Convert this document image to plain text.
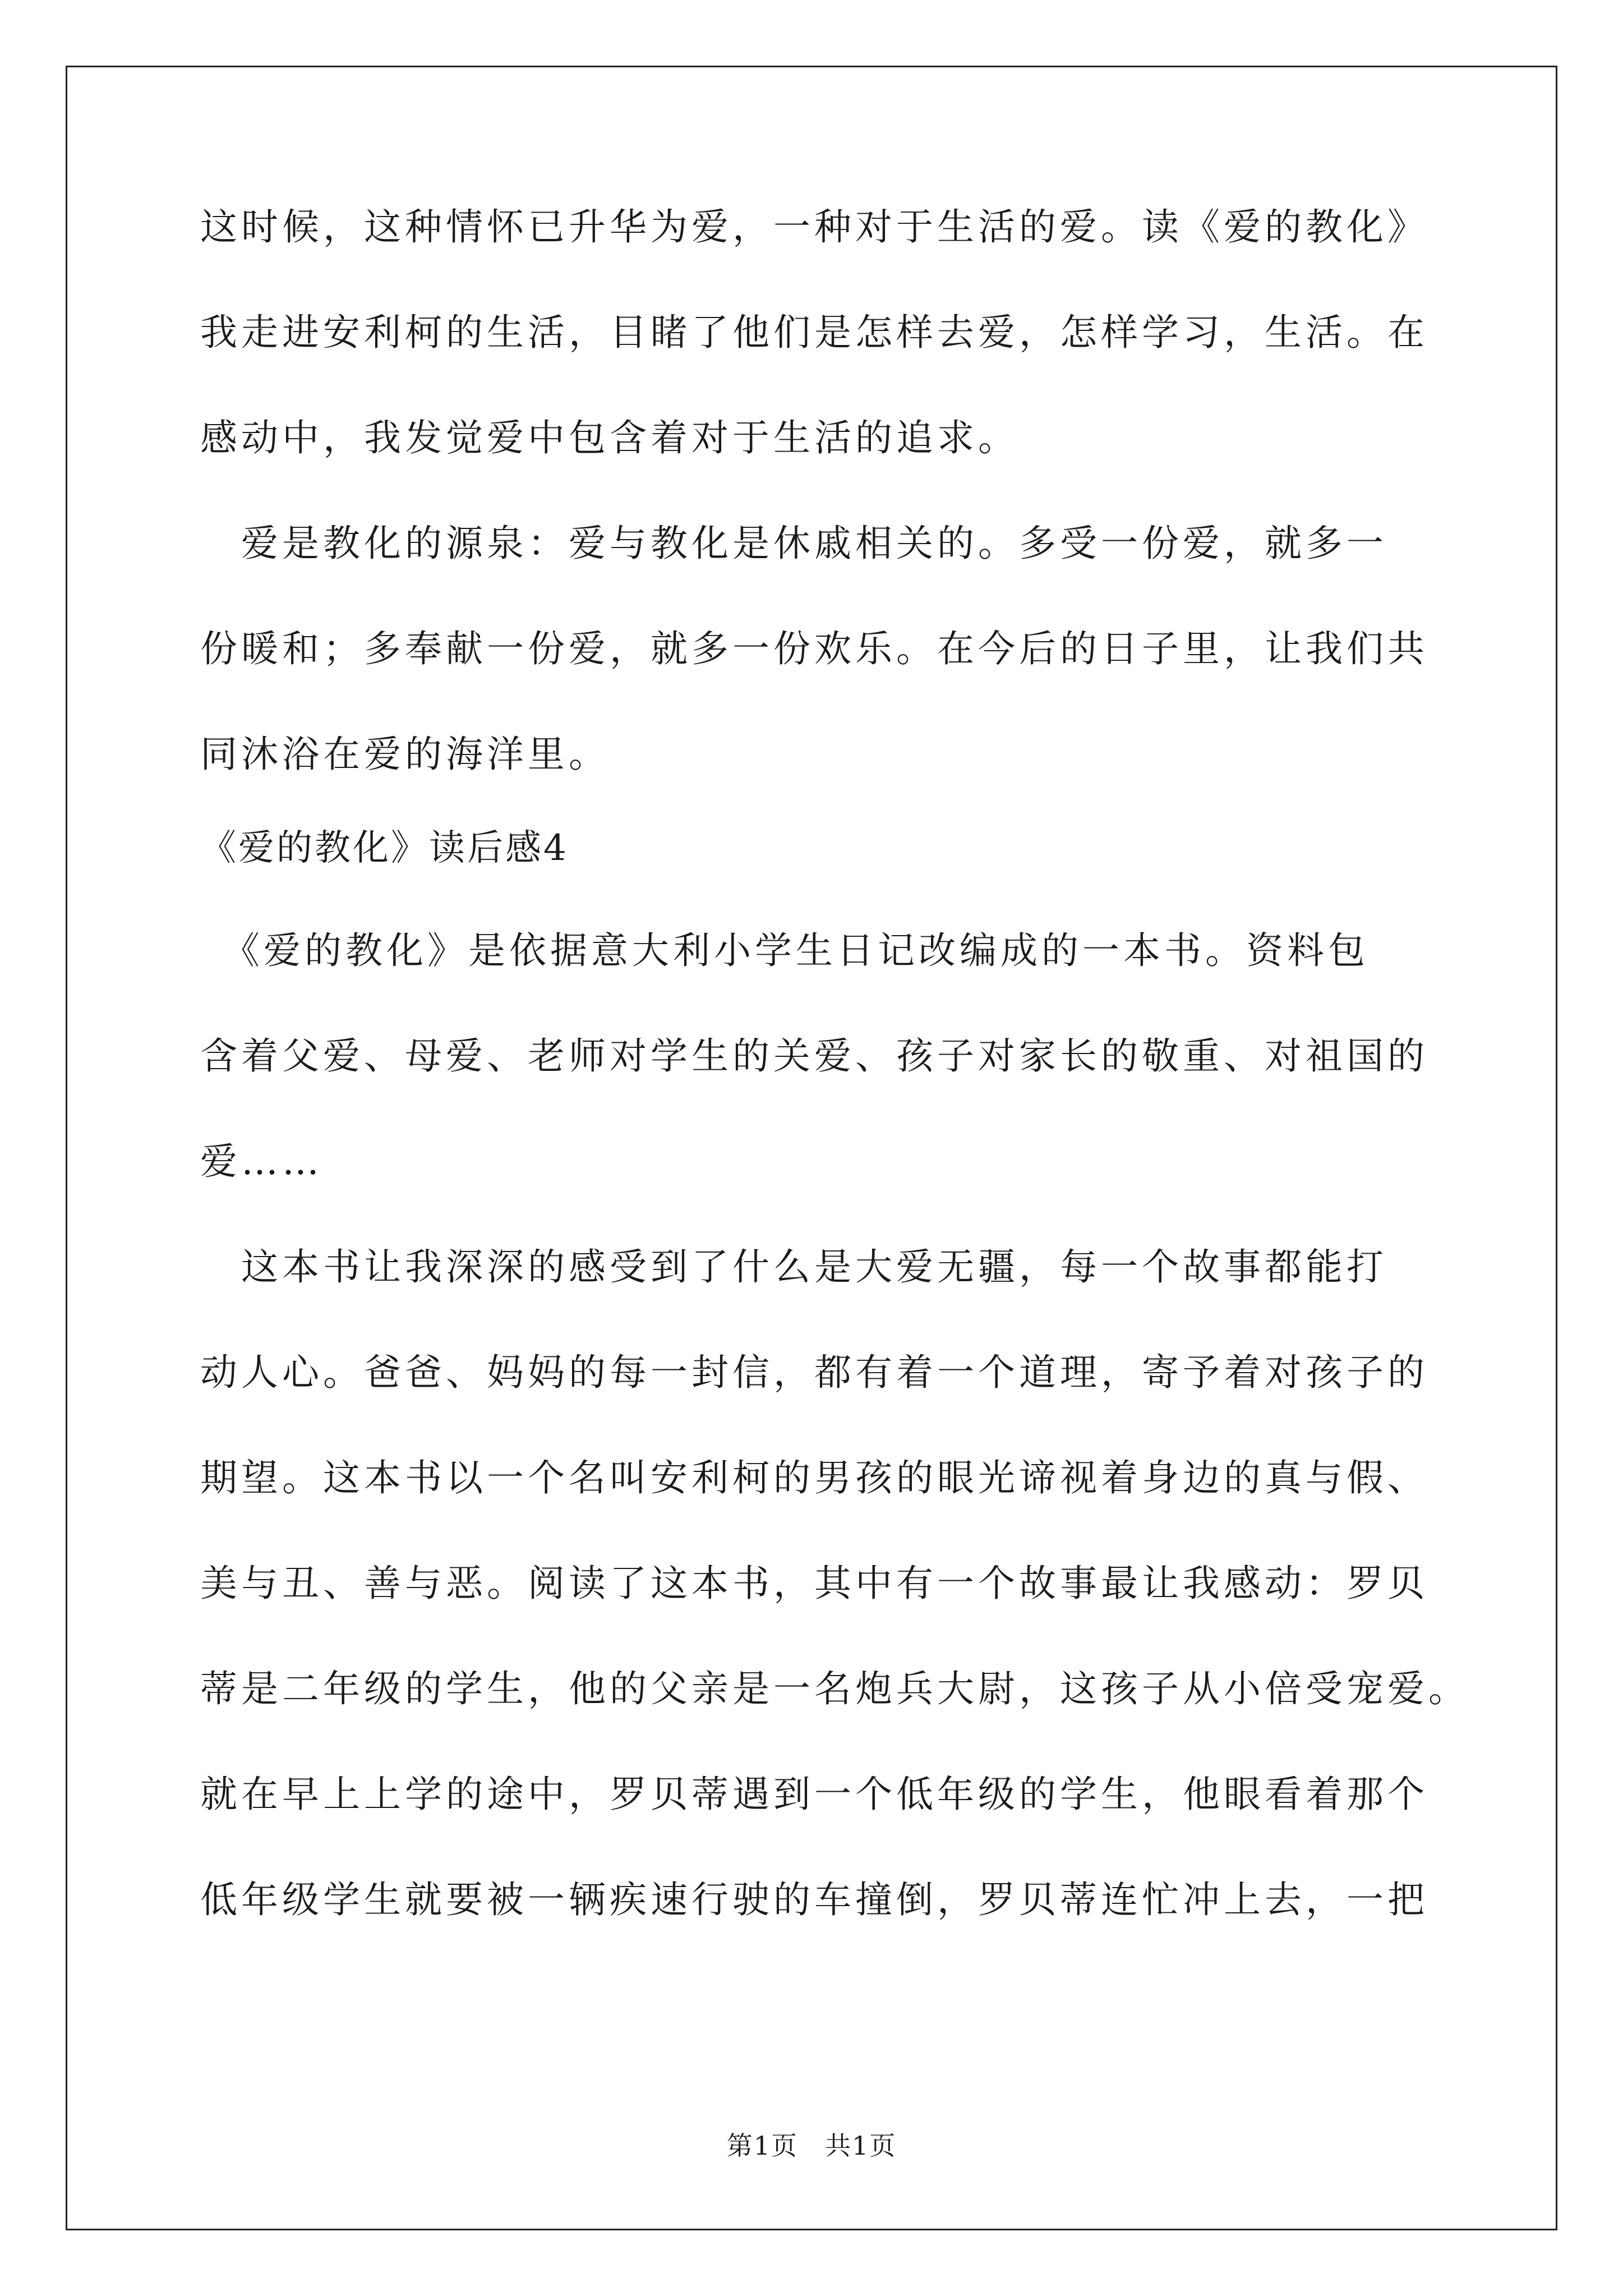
这时候，这种情怀已升华为爱，一种对于生活的爱。读《爱的教化》
我走进安利柯的生活，目睹了他们是怎样去爱，怎样学习，生活。在
感动中，我发觉爱中包含着对于生活的追求。
　爱是教化的源泉：爱与教化是休戚相关的。多受一份爱，就多一
份暖和；多奉献一份爱，就多一份欢乐。在今后的日子里，让我们共
同沐浴在爱的海洋里。
《爱的教化》读后感4
　《爱的教化》是依据意大利小学生日记改编成的一本书。资料包
含着父爱、母爱、老师对学生的关爱、孩子对家长的敬重、对祖国的
爱……
　这本书让我深深的感受到了什么是大爱无疆，每一个故事都能打
动人心。爸爸、妈妈的每一封信，都有着一个道理，寄予着对孩子的
期望。这本书以一个名叫安利柯的男孩的眼光谛视着身边的真与假、
美与丑、善与恶。阅读了这本书，其中有一个故事最让我感动：罗贝
蒂是二年级的学生，他的父亲是一名炮兵大尉，这孩子从小倍受宠爱。
就在早上上学的途中，罗贝蒂遇到一个低年级的学生，他眼看着那个
低年级学生就要被一辆疾速行驶的车撞倒，罗贝蒂连忙冲上去，一把
第1页　共1页
